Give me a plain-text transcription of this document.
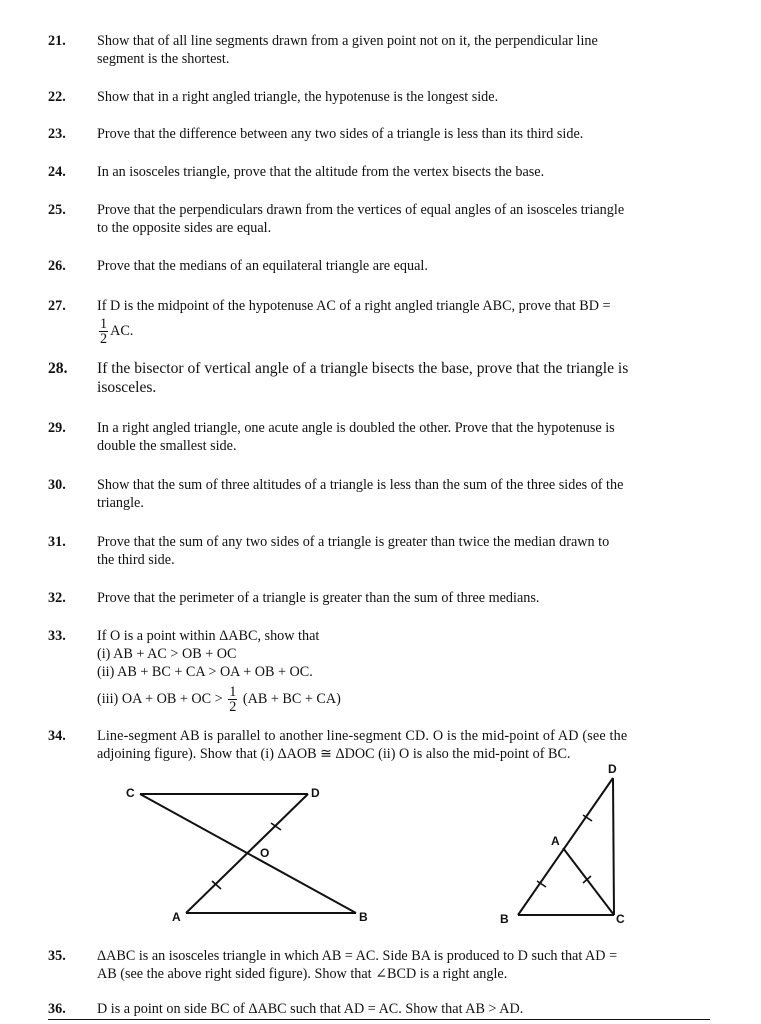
21. Show that of all line segments drawn from a given point not on it, the perpendicular line
segment is the shortest.
22. Show that in a right angled triangle, the hypotenuse is the longest side.
23. Prove that the difference between any two sides of a triangle is less than its third side.
24. In an isosceles triangle, prove that the altitude from the vertex bisects the base.
25. Prove that the perpendiculars drawn from the vertices of equal angles of an isosceles triangle
to the opposite sides are equal.
26. Prove that the medians of an equilateral triangle are equal.
27. If D is the midpoint of the hypotenuse AC of a right angled triangle ABC, prove that BD =
$\frac{1}{2}$ AC.
28. If the bisector of vertical angle of a triangle bisects the base, prove that the triangle is
isosceles.
29. In a right angled triangle, one acute angle is doubled the other. Prove that the hypotenuse is
double the smallest side.
30. Show that the sum of three altitudes of a triangle is less than the sum of the three sides of the
triangle.
31. Prove that the sum of any two sides of a triangle is greater than twice the median drawn to
the third side.
32. Prove that the perimeter of a triangle is greater than the sum of three medians.
33. If O is a point within ΔABC, show that
(i) AB + AC > OB + OC
(ii) AB + BC + CA > OA + OB + OC.
(iii) OA + OB + OC > $\frac{1}{2} (AB$ + BC + CA)
34. Line-segment AB is parallel to another line-segment CD. O is the mid-point of AD (see the
adjoining figure). Show that (i) ΔAOB ≅ ΔDOC (ii) O is also the mid-point of BC.
C	D
O
A	B
D
A
B	C
35. ΔABC is an isosceles triangle in which AB = AC. Side BA is produced to D such that AD =
AB (see the above right sided figure). Show that ∠BCD is a right angle.
36. D is a point on side BC of ΔABC such that AD = AC. Show that AB > AD.
